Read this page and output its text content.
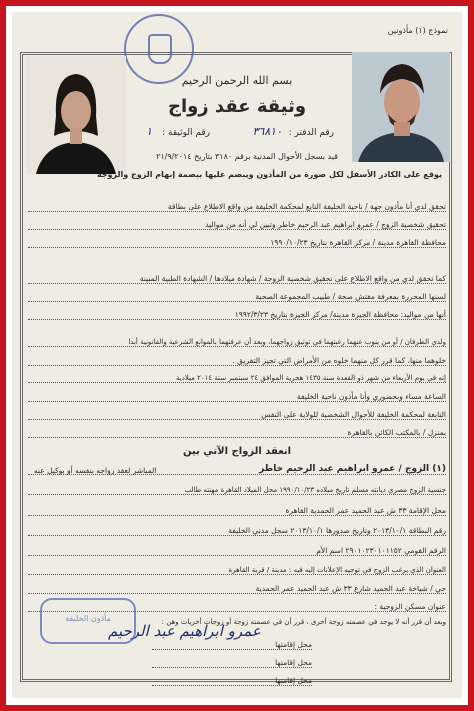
نموذج (١) مأذونين
بسم الله الرحمن الرحيم
وثيقة عقد زواج
رقم الدفتر :
٣٦٨١٠
رقم الوثيقة :
١
قيد بسجل الأحوال المدنية برقم ٣١٨٠ بتاريخ ٢١/٩/٢٠١٤
يوقع على الكادر الأسفل لكل صورة من المأذون ويبصم عليها ببصمة إبهام الزوج والزوجة
تحقق لدي أنا مأذون جهة / ناحية الخليفة التابع لمحكمة الخليفة من واقع الاطلاع على بطاقة
تحقيق شخصية الزوج / عمرو ابراهيم عبد الرحيم خاطر وتبين لي أنه من مواليد
محافظة القاهرة مدينة / مركز القاهرة بتاريخ ١٩٩٠/١٠/٢٣
كما تحقق لدي من واقع الاطلاع على تحقيق شخصية الزوجة / شهادة ميلادها / الشهادة الطبية المبينة
لسنها المحررة بمعرفة مفتش صحة / طبيب المجموعة الصحية
أنها من مواليد: محافظة الجيزة مدينة/ مركز الجيزة بتاريخ ١٩٩٢/٣/٢٣
ولدي الطرفان / أو من ينوب عنهما رغبتهما في توثيق زواجهما، وبعد أن عرفتهما بالموانع الشرعية والقانونية أبدا
خلوهما منها، كما قرر كل منهما خلوه من الأمراض التي تجيز التفريق .
إنه في يوم الأربعاء من شهر ذو القعدة سنة ١٤٣٥ هجرية الموافق ٢٤ سبتمبر سنة ٢٠١٤ ميلادية
الساعة مساء وبحضوري وأنا مأذون ناحية الخليفة
التابعة لمحكمة الخليفة للأحوال الشخصية للولاية على النفس
بمنزل / بالمكتب الكائن بالقاهرة
انعقد الزواج الآتي بين
(١) الزوج / عمرو ابراهيم عبد الرحيم خاطر
المباشر لعقد زواجه بنفسه أو بوكيل عنه
جنسية الزوج مصري ديانته مسلم تاريخ ميلاده ١٩٩٠/١٠/٢٣ محل الميلاد القاهرة مهنته طالب
محل الإقامة ٣٣ ش عبد الحميد عمر الحمدية القاهرة
رقم البطاقة ٢٠١٣/١٠/١ وتاريخ صدورها ٢٠١٣/١٠/١ سجل مدني الخليفة
الرقم القومي ٢٩٠١٠٢٣٠١٠١١٥٢ اسم الأم
العنوان الذي يرغب الزوج في توجيه الإعلانات إليه فيه : مدينة / قرية القاهرة
حي / شياخة عبد الحميد شارع ٣٣ ش عبد الحميد عمر الحمدية
عنوان مسكن الزوجية :
وبعد أن قرر أنه لا يوجد في عصمته زوجة أخرى ، قرر أن في عصمته زوجة أو زوجات أخريات وهن :
محل إقامتها
محل إقامتها
محل إقامتها
عمرو ابراهيم عبد الرحيم
مأذون الخليفة
lavalina.com
